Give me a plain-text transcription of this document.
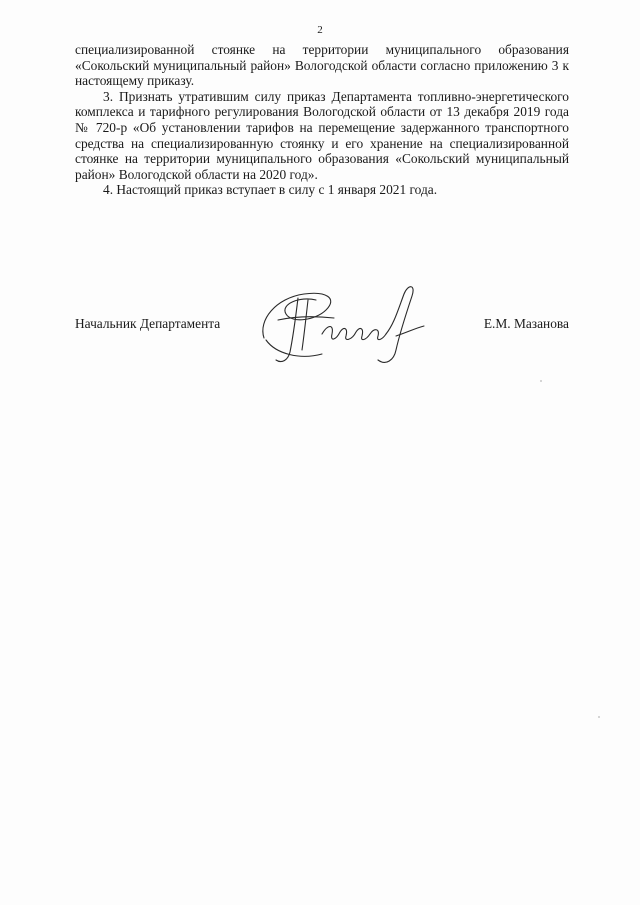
2

специализированной стоянке на территории муниципального образования «Сокольский муниципальный район» Вологодской области согласно приложению 3 к настоящему приказу.

3. Признать утратившим силу приказ Департамента топливно-энергетического комплекса и тарифного регулирования Вологодской области от 13 декабря 2019 года № 720-р «Об установлении тарифов на перемещение задержанного транспортного средства на специализированную стоянку и его хранение на специализированной стоянке на территории муниципального образования «Сокольский муниципальный район» Вологодской области на 2020 год».

4. Настоящий приказ вступает в силу с 1 января 2021 года.

Начальник Департамента	Е.М. Мазанова
